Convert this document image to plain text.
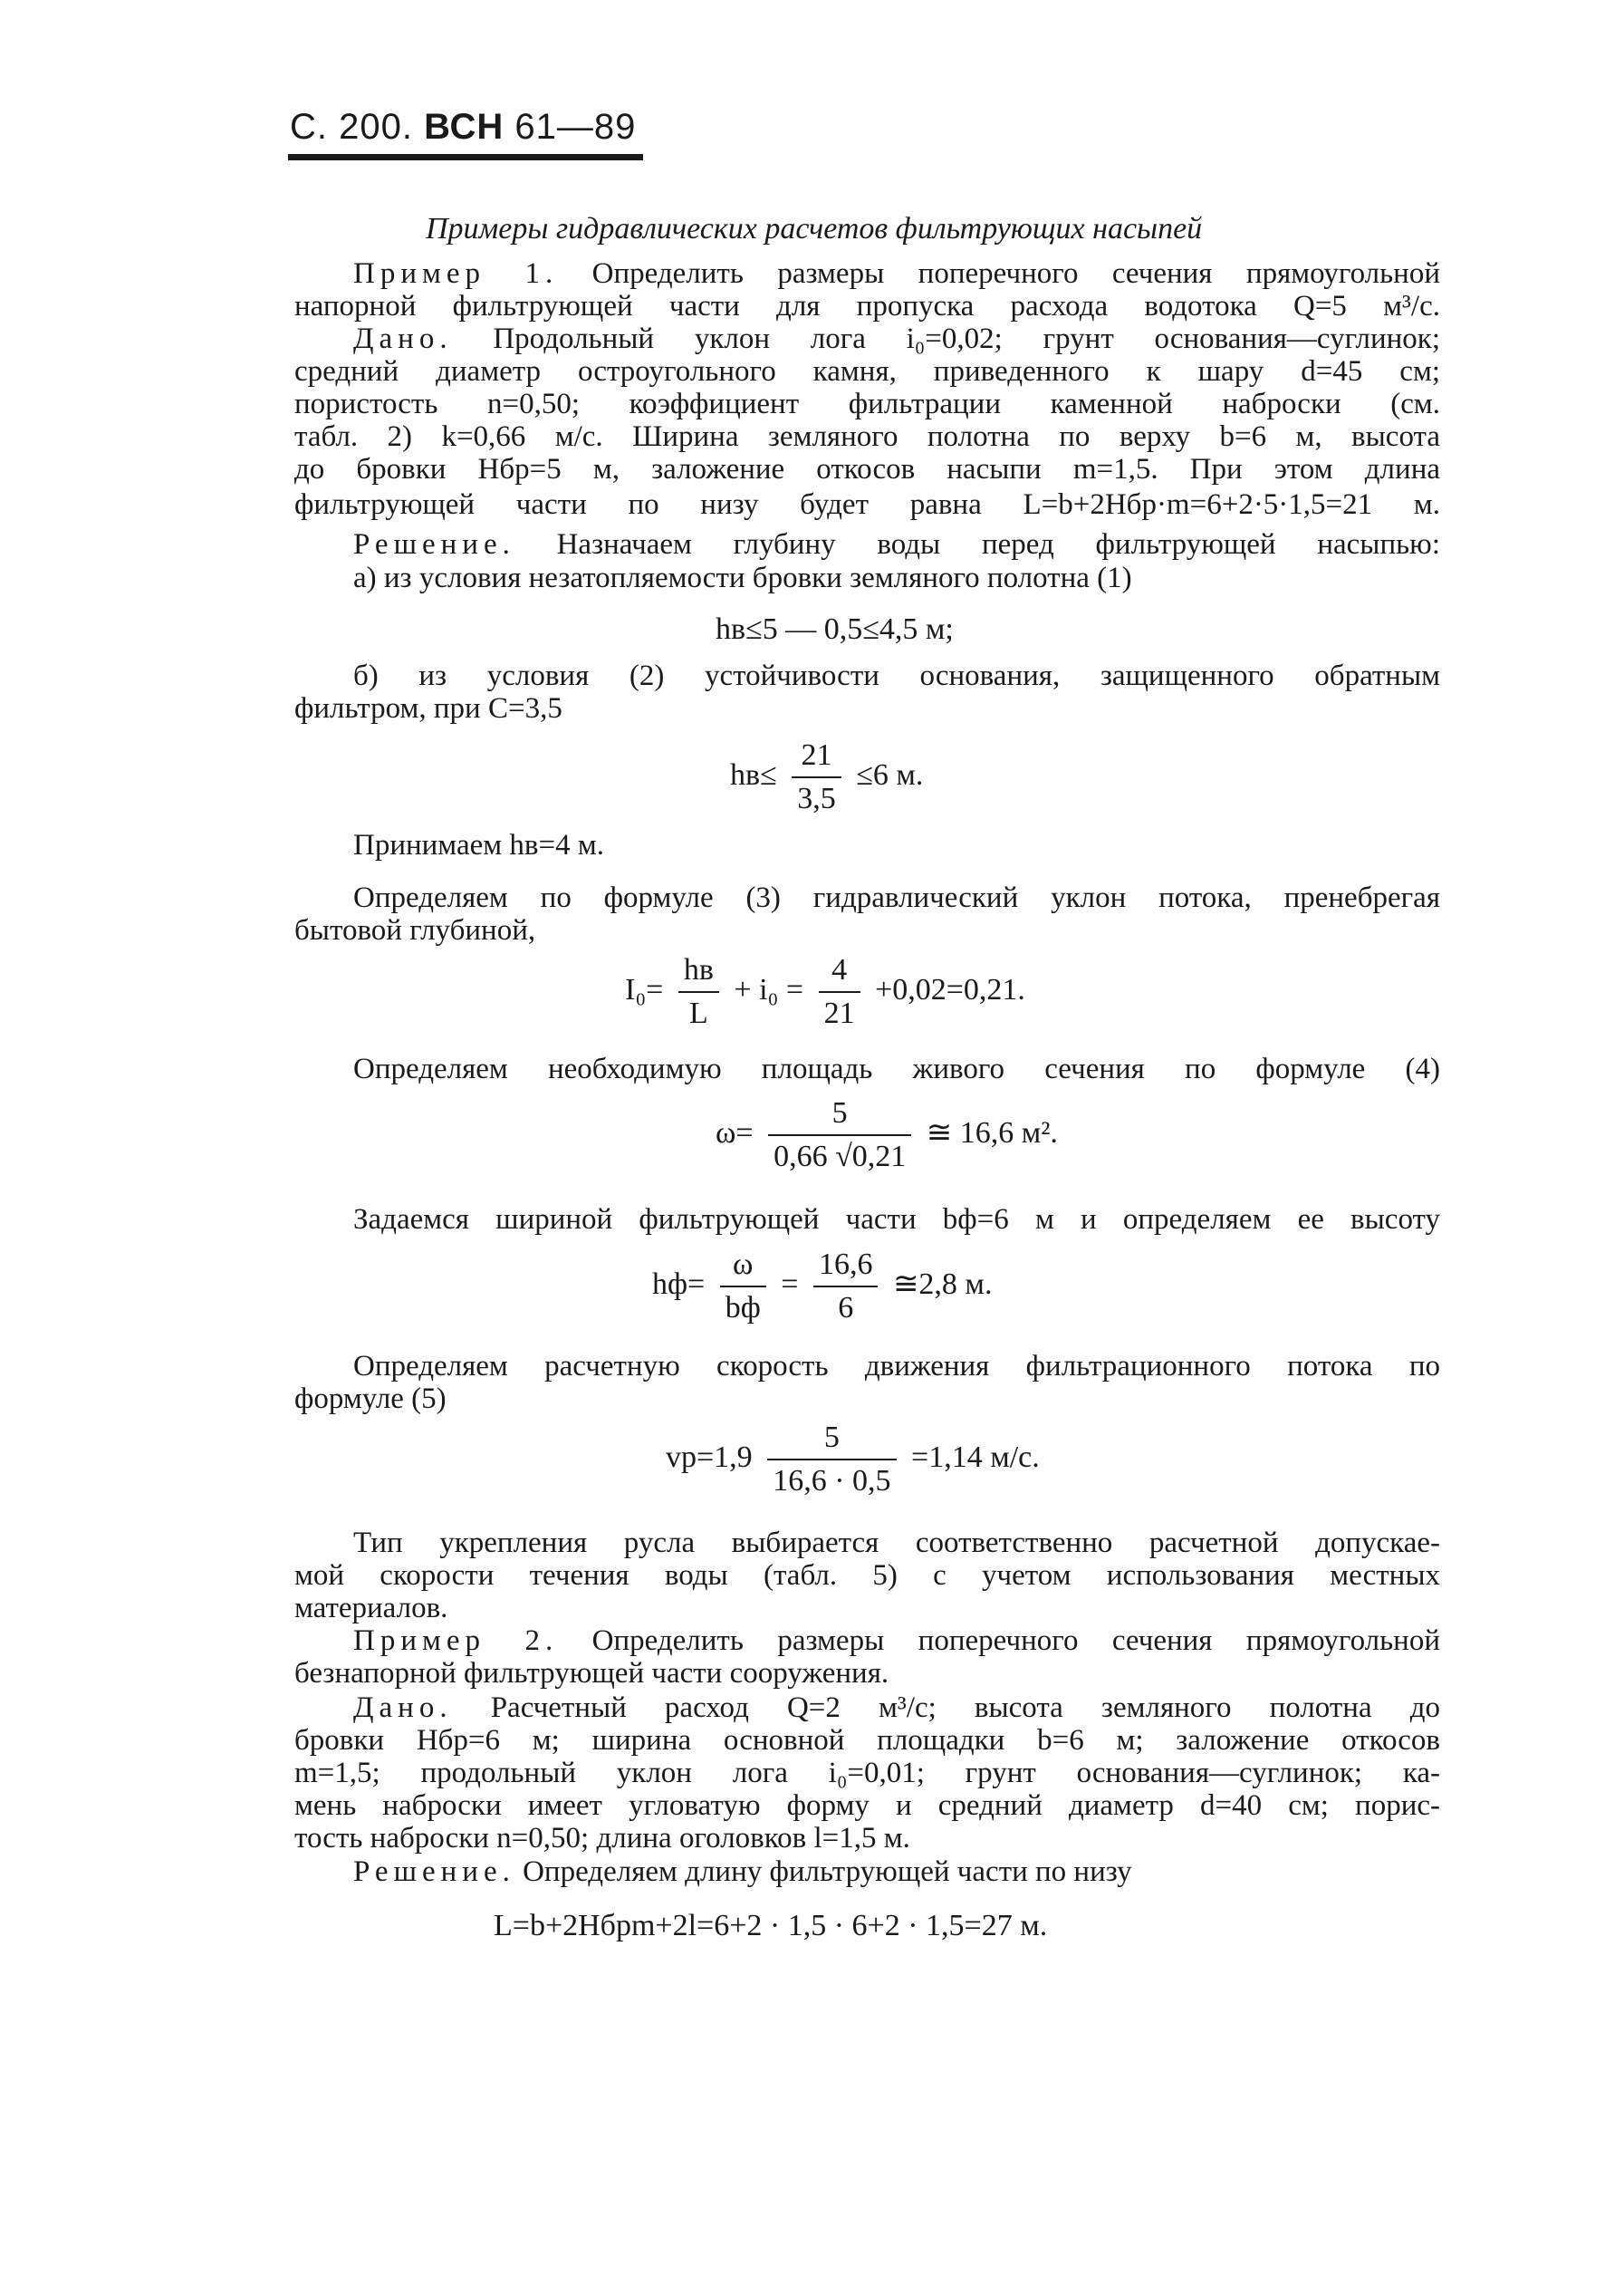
С. 200. ВСН 61—89
Примеры гидравлических расчетов фильтрующих насыпей
Пример 1. Определить размеры поперечного сечения прямоугольной
напорной фильтрующей части для пропуска расхода водотока Q=5 м³/с.
Дано. Продольный уклон лога i₀=0,02; грунт основания—суглинок;
средний диаметр остроугольного камня, приведенного к шару d=45 см;
пористость n=0,50; коэффициент фильтрации каменной наброски (см.
табл. 2) k=0,66 м/с. Ширина земляного полотна по верху b=6 м, высота
до бровки Hбр=5 м, заложение откосов насыпи m=1,5. При этом длина
фильтрующей части по низу будет равна L=b+2Hбр·m=6+2·5·1,5=21 м.
Решение. Назначаем глубину воды перед фильтрующей насыпью:
а) из условия незатопляемости бровки земляного полотна (1)
hв≤5 — 0,5≤4,5 м;
б) из условия (2) устойчивости основания, защищенного обратным
фильтром, при C=3,5
$hв\le \frac{21}{3,5} \le 6$ м.
Принимаем hв=4 м.
Определяем по формуле (3) гидравлический уклон потока, пренебрегая
бытовой глубиной,
$I_0= \frac{hв}{L} + i_0 = \frac{4}{21} +0,02=0,21$.
Определяем необходимую площадь живого сечения по формуле (4)
$\omega= \frac{5}{0,66 √0,21}$ ≅ 16,6 м².
Задаемся шириной фильтрующей части bф=6 м и определяем ее высоту
$hф= \frac{\omega}{bф} = \frac{16,6}{6}$ ≅2,8 м.
Определяем расчетную скорость движения фильтрационного потока по
формуле (5)
$vр=1,9 \frac{5}{16,6 \cdot 0,5} =1,14$ м/с.
Тип укрепления русла выбирается соответственно расчетной допускае-
мой скорости течения воды (табл. 5) с учетом использования местных
материалов.
Пример 2. Определить размеры поперечного сечения прямоугольной
безнапорной фильтрующей части сооружения.
Дано. Расчетный расход Q=2 м³/с; высота земляного полотна до
бровки Hбр=6 м; ширина основной площадки b=6 м; заложение откосов
m=1,5; продольный уклон лога i₀=0,01; грунт основания—суглинок; ка-
мень наброски имеет угловатую форму и средний диаметр d=40 см; порис-
тость наброски n=0,50; длина оголовков l=1,5 м.
Решение. Определяем длину фильтрующей части по низу
L=b+2Hбрm+2l=6+2 · 1,5 · 6+2 · 1,5=27 м.
